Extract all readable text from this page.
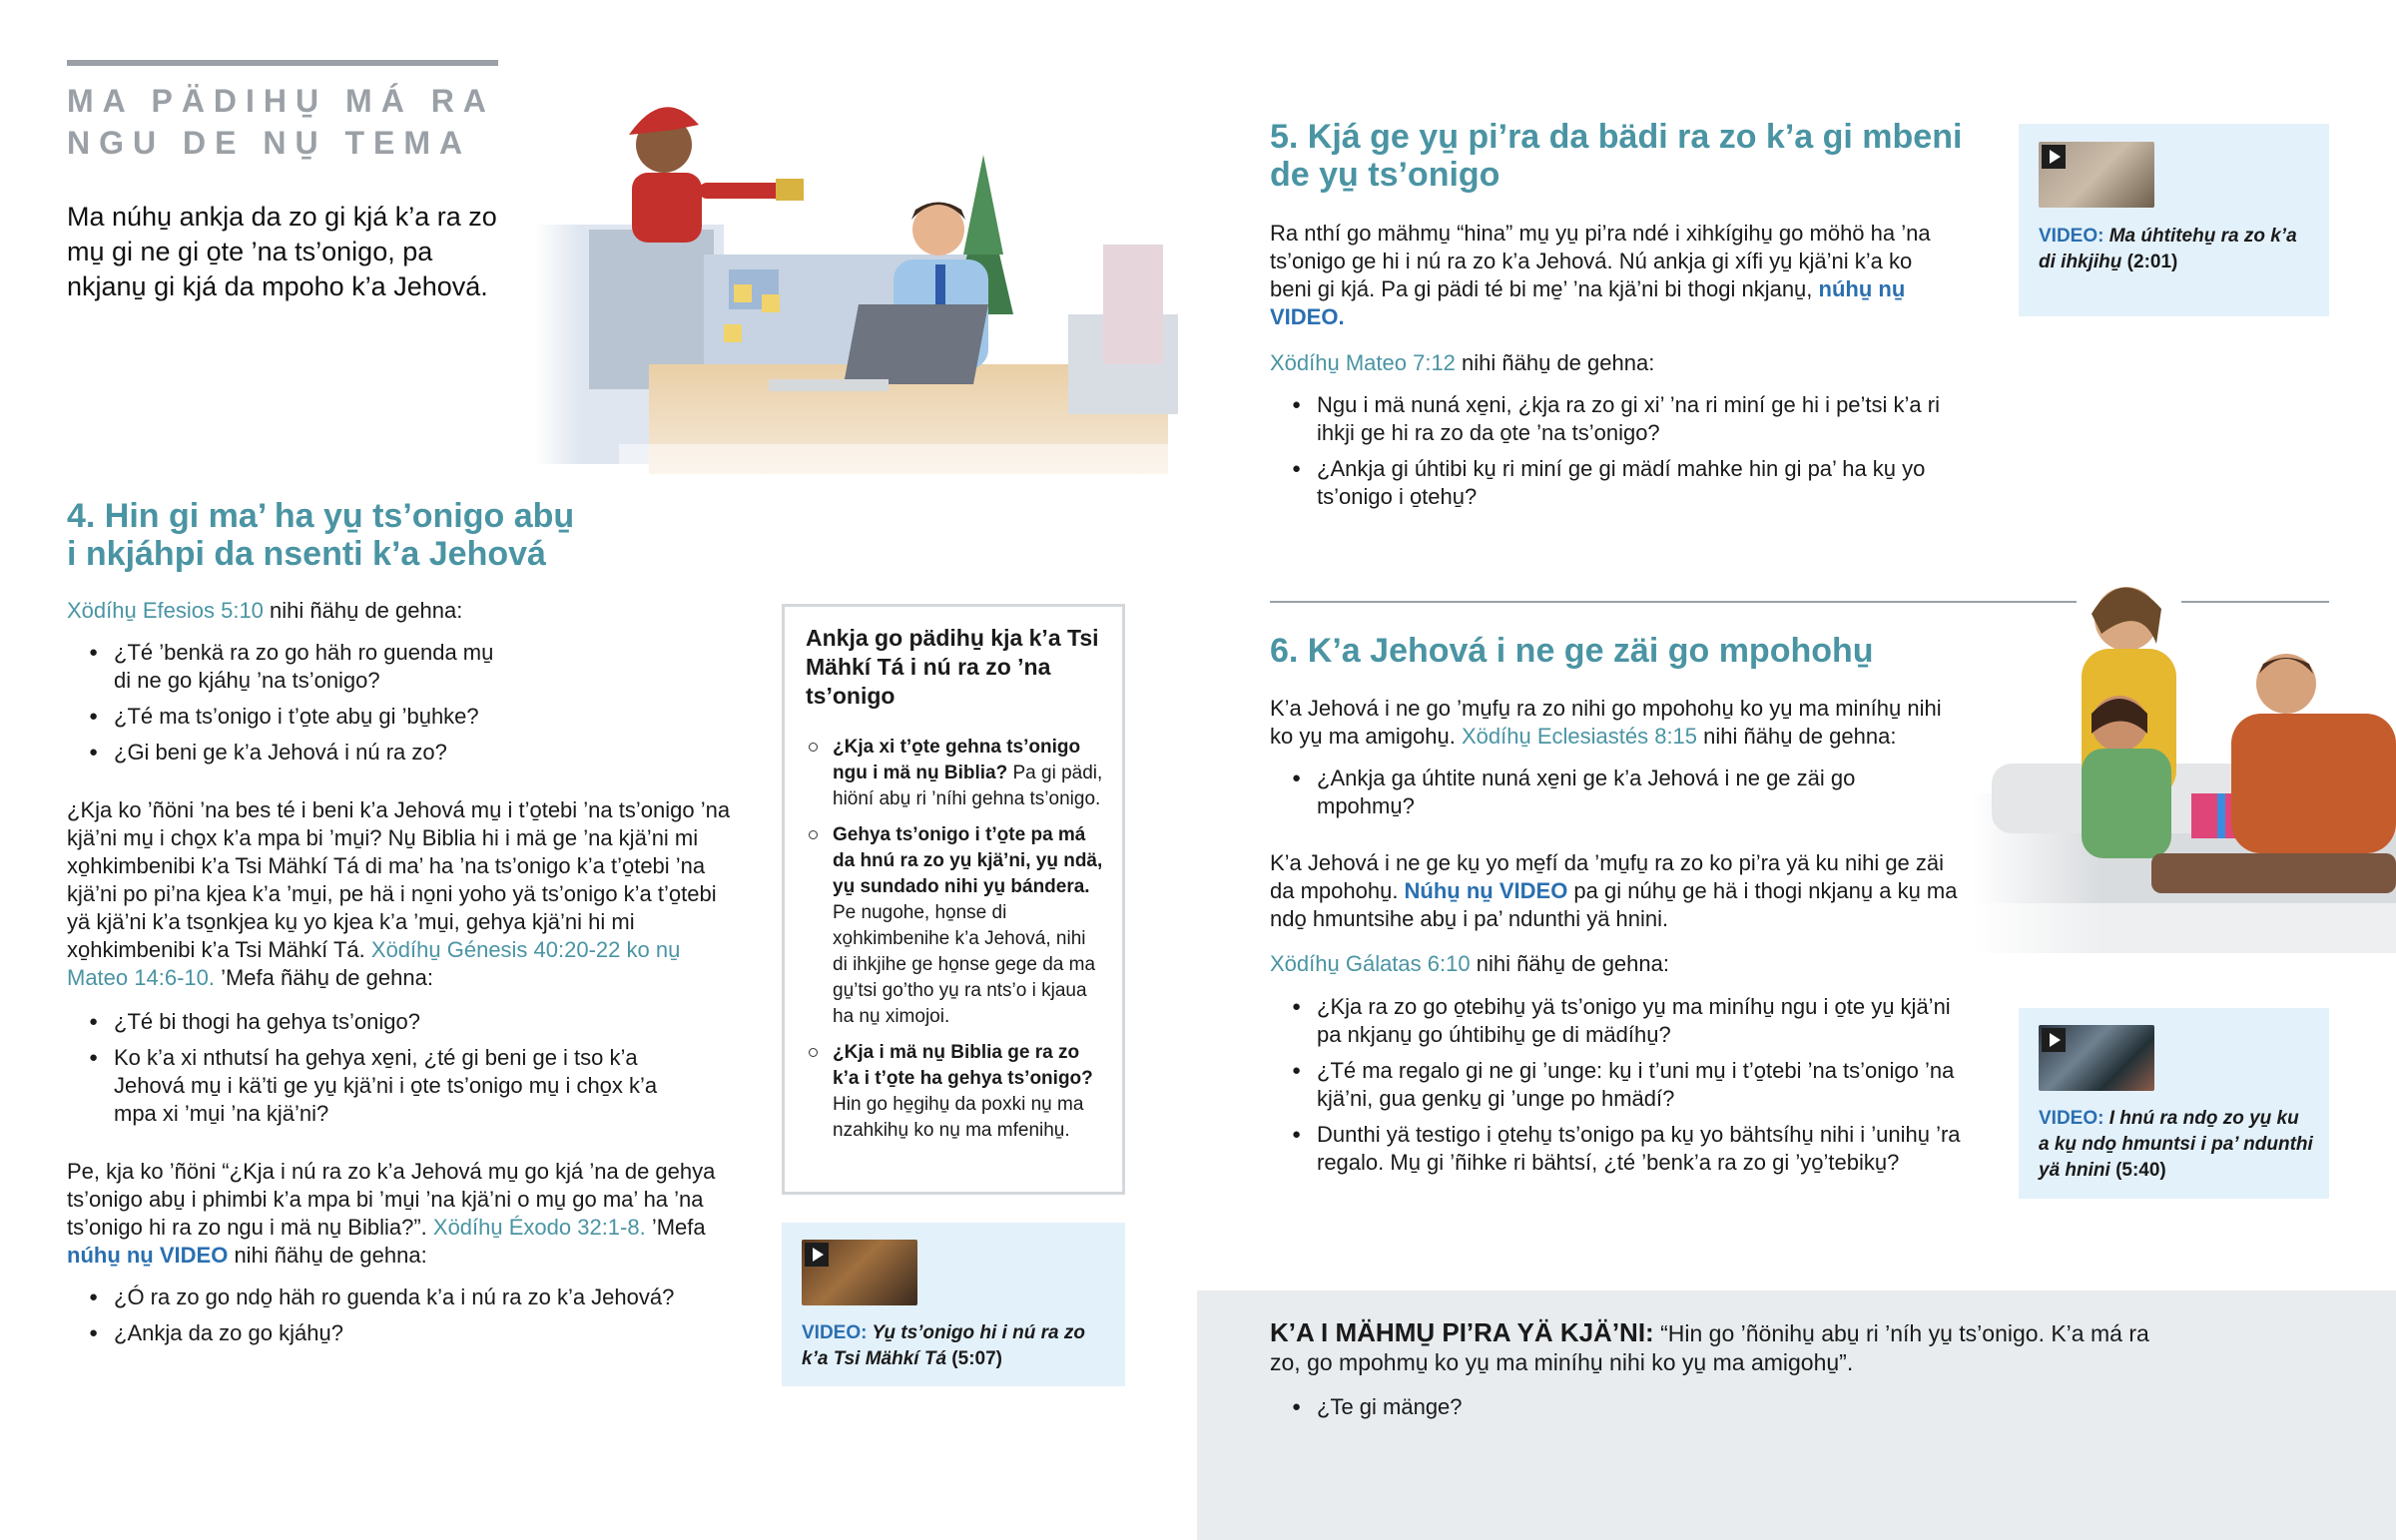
MA PÄDIHU̱ MÁ RA NGU DE NU̱ TEMA
Ma núhu̱ ankja da zo gi kjá k’a ra zo mu̱ gi ne gi o̱te ’na ts’onigo, pa nkjanu̱ gi kjá da mpoho k’a Jehová.
4. Hin gi ma’ ha yu̱ ts’onigo abu̱ i nkjáhpi da nsenti k’a Jehová
Xödíhu̱ Efesios 5:10 nihi ñähu̱ de gehna:
● ¿Té ’benkä ra zo go häh ro guenda mu̱ di ne go kjáhu̱ ’na ts’onigo?
● ¿Té ma ts’onigo i t’o̱te abu̱ gi ’bu̱hke?
● ¿Gi beni ge k’a Jehová i nú ra zo?
¿Kja ko ’ñöni ’na bes té i beni k’a Jehová mu̱ i t’o̱tebi ’na ts’onigo ’na kjä’ni mu̱ i cho̱x k’a mpa bi ’mu̱i? Nu̱ Biblia hi i mä ge ’na kjä’ni mi xo̱hkimbenibi k’a Tsi Mähkí Tá di ma’ ha ’na ts’onigo k’a t’o̱tebi ’na kjä’ni po pi’na kjea k’a ’mu̱i, pe hä i no̱ni yoho yä ts’onigo k’a t’o̱tebi yä kjä’ni k’a tso̱nkjea ku̱ yo kjea k’a ’mu̱i, gehya kjä’ni hi mi xo̱hkimbenibi k’a Tsi Mähkí Tá. Xödíhu̱ Génesis 40:20-22 ko nu̱ Mateo 14:6-10. ’Mefa ñähu̱ de gehna:
● ¿Té bi thogi ha gehya ts’onigo?
● Ko k’a xi nthutsí ha gehya xe̱ni, ¿té gi beni ge i tso k’a Jehová mu̱ i kä’ti ge yu̱ kjä’ni i o̱te ts’onigo mu̱ i cho̱x k’a mpa xi ’mu̱i ’na kjä’ni?
Pe, kja ko ’ñöni “¿Kja i nú ra zo k’a Jehová mu̱ go kjá ’na de gehya ts’onigo abu̱ i phimbi k’a mpa bi ’mu̱i ’na kjä’ni o mu̱ go ma’ ha ’na ts’onigo hi ra zo ngu i mä nu̱ Biblia?”. Xödíhu̱ Éxodo 32:1-8. ’Mefa núhu̱ nu̱ VIDEO nihi ñähu̱ de gehna:
● ¿Ó ra zo go ndo̱ häh ro guenda k’a i nú ra zo k’a Jehová?
● ¿Ankja da zo go kjáhu̱?
Ankja go pädihu̱ kja k’a Tsi Mähkí Tá i nú ra zo ’na ts’onigo
¿Kja xi t’o̱te gehna ts’onigo ngu i mä nu̱ Biblia? Pa gi pädi, hiöní abu̱ ri ’níhi gehna ts’onigo.
Gehya ts’onigo i t’o̱te pa má da hnú ra zo yu̱ kjä’ni, yu̱ ndä, yu̱ sundado nihi yu̱ bándera. Pe nugohe, ho̱nse di xo̱hkimbenihe k’a Jehová, nihi di ihkjihe ge ho̱nse gege da ma gu̱’tsi go’tho yu̱ ra nts’o i kjaua ha nu̱ ximojoi.
¿Kja i mä nu̱ Biblia ge ra zo k’a i t’o̱te ha gehya ts’onigo? Hin go he̱gihu̱ da poxki nu̱ ma nzahkihu̱ ko nu̱ ma mfenihu̱.
VIDEO: Yu̱ ts’onigo hi i nú ra zo k’a Tsi Mähkí Tá (5:07)
5. Kjá ge yu̱ pi’ra da bädi ra zo k’a gi mbeni de yu̱ ts’onigo
Ra nthí go mähmu̱ “hina” mu̱ yu̱ pi’ra ndé i xihkígihu̱ go möhö ha ’na ts’onigo ge hi i nú ra zo k’a Jehová. Nú ankja gi xífi yu̱ kjä’ni k’a ko beni gi kjá. Pa gi pädi té bi me̱’ ’na kjä’ni bi thogi nkjanu̱, núhu̱ nu̱ VIDEO.
Xödíhu̱ Mateo 7:12 nihi ñähu̱ de gehna:
● Ngu i mä nuná xe̱ni, ¿kja ra zo gi xi’ ’na ri miní ge hi i pe’tsi k’a ri ihkji ge hi ra zo da o̱te ’na ts’onigo?
● ¿Ankja gi úhtibi ku̱ ri miní ge gi mädí mahke hin gi pa’ ha ku̱ yo ts’onigo i o̱tehu̱?
VIDEO: Ma úhtitehu̱ ra zo k’a di ihkjihu̱ (2:01)
6. K’a Jehová i ne ge zäi go mpohohu̱
K’a Jehová i ne go ’mu̱fu̱ ra zo nihi go mpohohu̱ ko yu̱ ma miníhu̱ nihi ko yu̱ ma amigohu̱. Xödíhu̱ Eclesiastés 8:15 nihi ñähu̱ de gehna:
● ¿Ankja ga úhtite nuná xe̱ni ge k’a Jehová i ne ge zäi go mpohmu̱?
K’a Jehová i ne ge ku̱ yo me̱fí da ’mu̱fu̱ ra zo ko pi’ra yä ku nihi ge zäi da mpohohu̱. Núhu̱ nu̱ VIDEO pa gi núhu̱ ge hä i thogi nkjanu̱ a ku̱ ma ndo̱ hmuntsihe abu̱ i pa’ ndunthi yä hnini.
Xödíhu̱ Gálatas 6:10 nihi ñähu̱ de gehna:
● ¿Kja ra zo go o̱tebihu̱ yä ts’onigo yu̱ ma miníhu̱ ngu i o̱te yu̱ kjä’ni pa nkjanu̱ go úhtibihu̱ ge di mädíhu̱?
● ¿Té ma regalo gi ne gi ’unge: ku̱ i t’uni mu̱ i t’o̱tebi ’na ts’onigo ’na kjä’ni, gua genku̱ gi ’unge po hmädí?
● Dunthi yä testigo i o̱tehu̱ ts’onigo pa ku̱ yo bähtsíhu̱ nihi i ’unihu̱ ’ra regalo. Mu̱ gi ’ñihke ri bähtsí, ¿té ’benk’a ra zo gi ’yo̱’tebiku̱?
VIDEO: I hnú ra ndo̱ zo yu̱ ku a ku̱ ndo̱ hmuntsi i pa’ ndunthi yä hnini (5:40)
K’A I MÄHMU̱ PI’RA YÄ KJÄ’NI: “Hin go ’ñönihu̱ abu̱ ri ’níh yu̱ ts’onigo. K’a má ra zo, go mpohmu̱ ko yu̱ ma miníhu̱ nihi ko yu̱ ma amigohu̱”.
● ¿Te gi mänge?
